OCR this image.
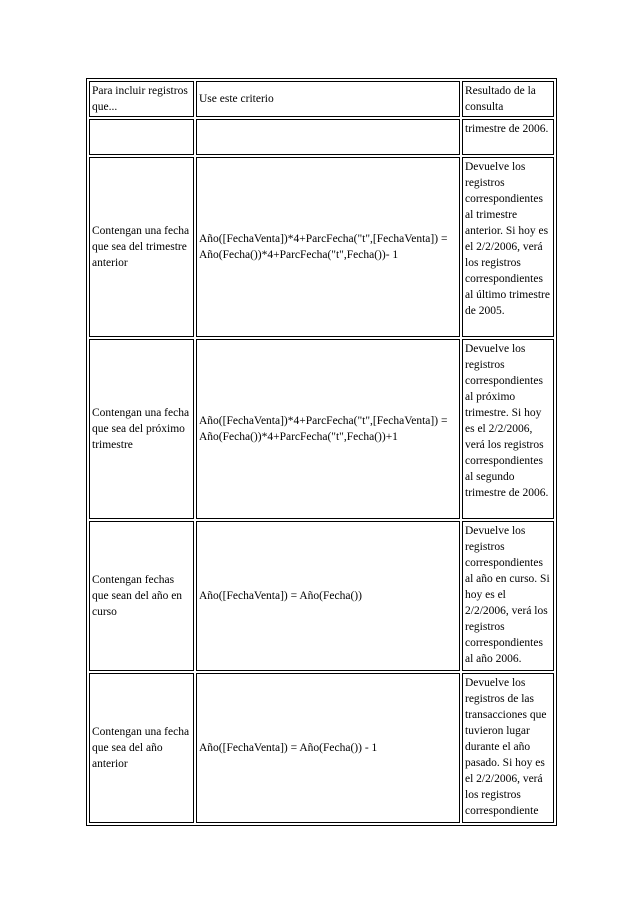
Para incluir registros que...	Use este criterio	Resultado de la consulta
		trimestre de 2006.
Contengan una fecha que sea del trimestre anterior	Año([FechaVenta])*4+ParcFecha("t",[FechaVenta]) = Año(Fecha())*4+ParcFecha("t",Fecha())- 1	Devuelve los registros correspondientes al trimestre anterior. Si hoy es el 2/2/2006, verá los registros correspondientes al último trimestre de 2005.
Contengan una fecha que sea del próximo trimestre	Año([FechaVenta])*4+ParcFecha("t",[FechaVenta]) = Año(Fecha())*4+ParcFecha("t",Fecha())+1	Devuelve los registros correspondientes al próximo trimestre. Si hoy es el 2/2/2006, verá los registros correspondientes al segundo trimestre de 2006.
Contengan fechas que sean del año en curso	Año([FechaVenta]) = Año(Fecha())	Devuelve los registros correspondientes al año en curso. Si hoy es el 2/2/2006, verá los registros correspondientes al año 2006.
Contengan una fecha que sea del año anterior	Año([FechaVenta]) = Año(Fecha()) - 1	Devuelve los registros de las transacciones que tuvieron lugar durante el año pasado. Si hoy es el 2/2/2006, verá los registros correspondiente
